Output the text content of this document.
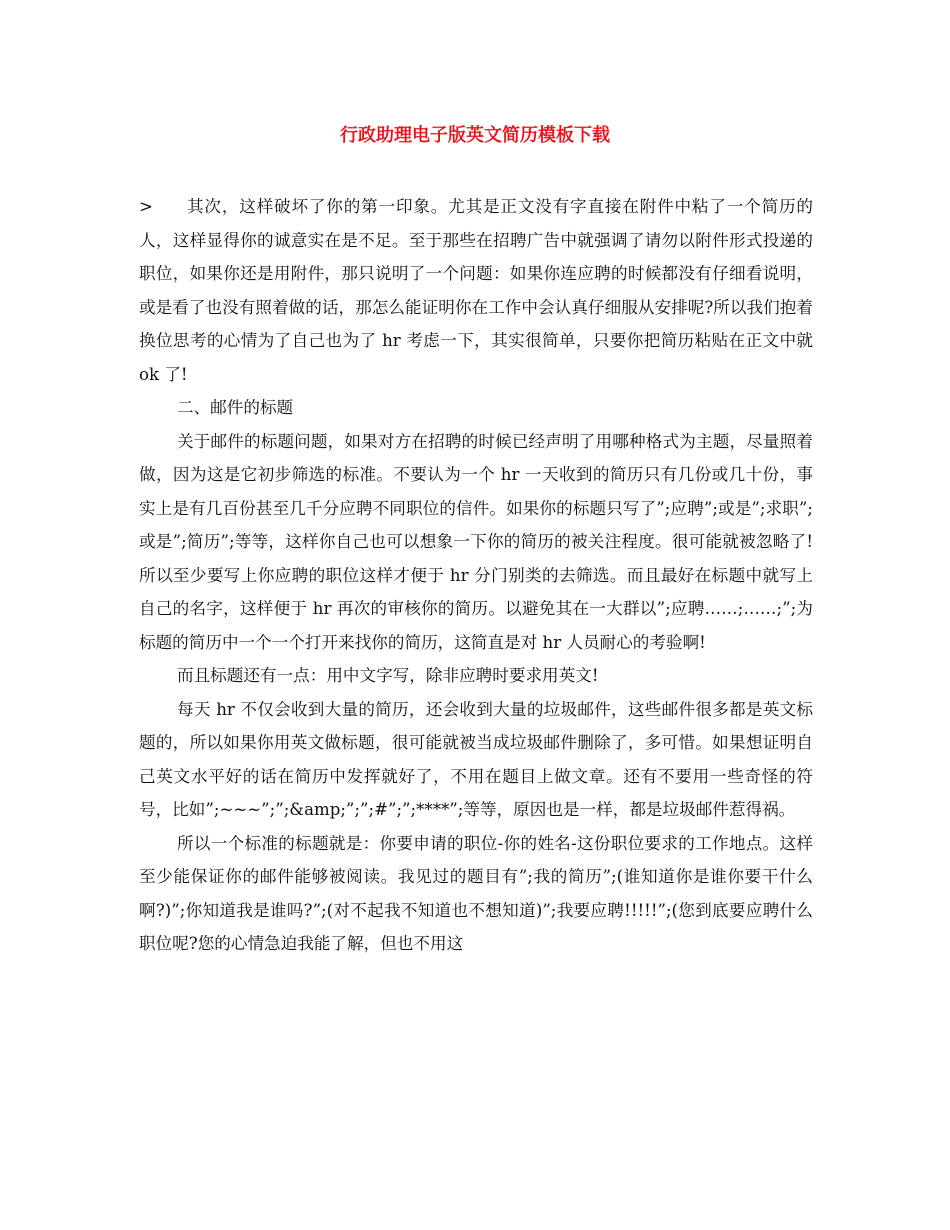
行政助理电子版英文简历模板下载

> 其次，这样破坏了你的第一印象。尤其是正文没有字直接在附件中粘了一个简历的人，这样显得你的诚意实在是不足。至于那些在招聘广告中就强调了请勿以附件形式投递的职位，如果你还是用附件，那只说明了一个问题：如果你连应聘的时候都没有仔细看说明，或是看了也没有照着做的话，那怎么能证明你在工作中会认真仔细服从安排呢?所以我们抱着换位思考的心情为了自己也为了 hr 考虑一下，其实很简单，只要你把简历粘贴在正文中就 ok 了!

二、邮件的标题

关于邮件的标题问题，如果对方在招聘的时候已经声明了用哪种格式为主题，尽量照着做，因为这是它初步筛选的标准。不要认为一个 hr 一天收到的简历只有几份或几十份，事实上是有几百份甚至几千分应聘不同职位的信件。如果你的标题只写了”;应聘”;或是”;求职”;或是”;简历”;等等，这样你自己也可以想象一下你的简历的被关注程度。很可能就被忽略了!所以至少要写上你应聘的职位这样才便于 hr 分门别类的去筛选。而且最好在标题中就写上自己的名字，这样便于 hr 再次的审核你的简历。以避免其在一大群以”;应聘……;……;”;为标题的简历中一个一个打开来找你的简历，这简直是对 hr 人员耐心的考验啊!

而且标题还有一点：用中文字写，除非应聘时要求用英文!

每天 hr 不仅会收到大量的简历，还会收到大量的垃圾邮件，这些邮件很多都是英文标题的，所以如果你用英文做标题，很可能就被当成垃圾邮件删除了，多可惜。如果想证明自己英文水平好的话在简历中发挥就好了，不用在题目上做文章。还有不要用一些奇怪的符号，比如”;~~~”;”;&amp;”;”;#”;”;****”;等等，原因也是一样，都是垃圾邮件惹得祸。

所以一个标准的标题就是：你要申请的职位-你的姓名-这份职位要求的工作地点。这样至少能保证你的邮件能够被阅读。我见过的题目有”;我的简历”;(谁知道你是谁你要干什么啊?)”;你知道我是谁吗?”;(对不起我不知道也不想知道)”;我要应聘!!!!!”;(您到底要应聘什么职位呢?您的心情急迫我能了解，但也不用这
